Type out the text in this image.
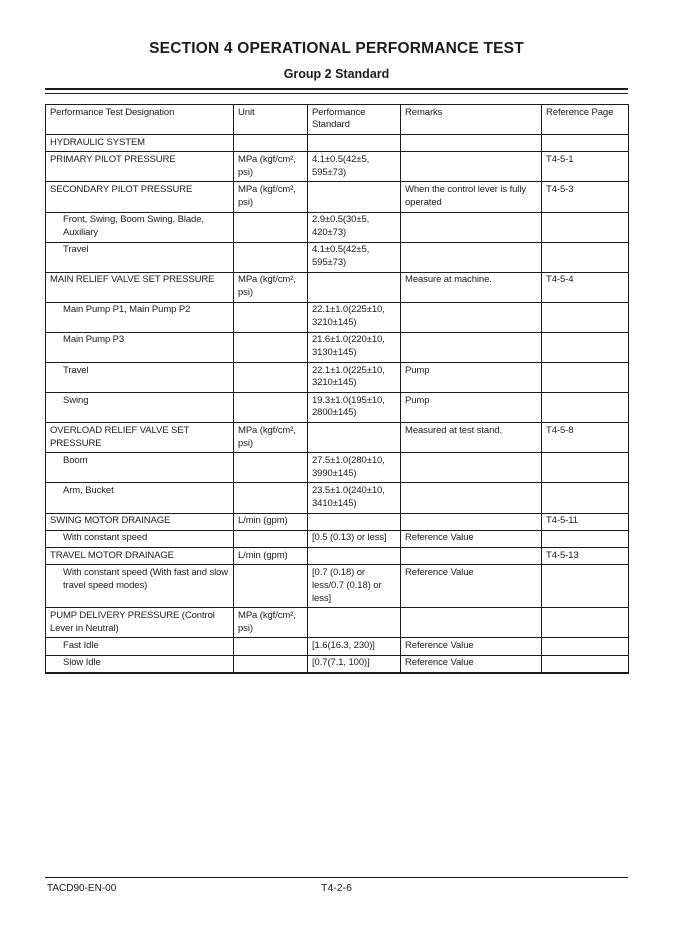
SECTION 4 OPERATIONAL PERFORMANCE TEST
Group 2 Standard
Performance Test Designation	Unit	Performance Standard	Remarks	Reference Page
HYDRAULIC SYSTEM				
PRIMARY PILOT PRESSURE	MPa (kgf/cm², psi)	4.1±0.5(42±5, 595±73)		T4-5-1
SECONDARY PILOT PRESSURE	MPa (kgf/cm², psi)		When the control lever is fully operated	T4-5-3
Front, Swing, Boom Swing, Blade, Auxiliary		2.9±0.5(30±5, 420±73)		
Travel		4.1±0.5(42±5, 595±73)		
MAIN RELIEF VALVE SET PRESSURE	MPa (kgf/cm², psi)		Measure at machine.	T4-5-4
Main Pump P1, Main Pump P2		22.1±1.0(225±10, 3210±145)		
Main Pump P3		21.6±1.0(220±10, 3130±145)		
Travel		22.1±1.0(225±10, 3210±145)	Pump	
Swing		19.3±1.0(195±10, 2800±145)	Pump	
OVERLOAD RELIEF VALVE SET PRESSURE	MPa (kgf/cm², psi)		Measured at test stand.	T4-5-8
Boom		27.5±1.0(280±10, 3990±145)		
Arm, Bucket		23.5±1.0(240±10, 3410±145)		
SWING MOTOR DRAINAGE	L/min (gpm)			T4-5-11
With constant speed		[0.5 (0.13) or less]	Reference Value	
TRAVEL MOTOR DRAINAGE	L/min (gpm)			T4-5-13
With constant speed (With fast and slow travel speed modes)		[0.7 (0.18) or less/0.7 (0.18) or less]	Reference Value	
PUMP DELIVERY PRESSURE (Control Lever in Neutral)	MPa (kgf/cm², psi)			
Fast Idle		[1.6(16.3, 230)]	Reference Value	
Slow Idle		[0.7(7.1, 100)]	Reference Value	
TACD90-EN-00	T4-2-6
